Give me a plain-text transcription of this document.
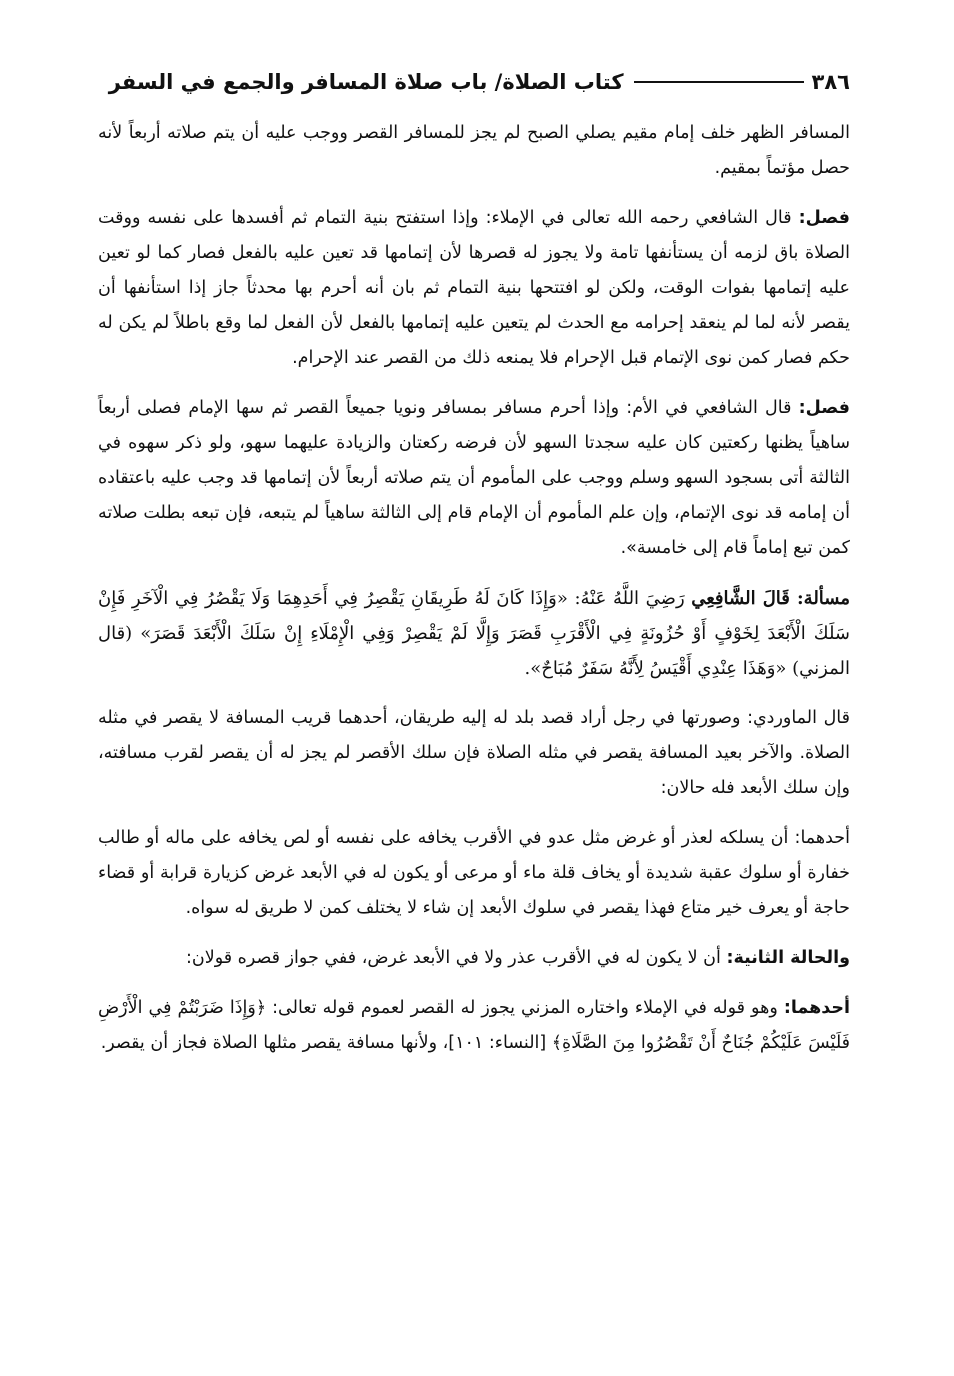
٣٨٦
كتاب الصلاة/ باب صلاة المسافر والجمع في السفر

المسافر الظهر خلف إمام مقيم يصلي الصبح لم يجز للمسافر القصر ووجب عليه أن يتم صلاته أربعاً لأنه حصل مؤتماً بمقيم.

فصل: قال الشافعي رحمه الله تعالى في الإملاء: وإذا استفتح بنية التمام ثم أفسدها على نفسه ووقت الصلاة باق لزمه أن يستأنفها تامة ولا يجوز له قصرها لأن إتمامها قد تعين عليه بالفعل فصار كما لو تعين عليه إتمامها بفوات الوقت، ولكن لو افتتحها بنية التمام ثم بان أنه أحرم بها محدثاً جاز إذا استأنفها أن يقصر لأنه لما لم ينعقد إحرامه مع الحدث لم يتعين عليه إتمامها بالفعل لأن الفعل لما وقع باطلاً لم يكن له حكم فصار كمن نوى الإتمام قبل الإحرام فلا يمنعه ذلك من القصر عند الإحرام.

فصل: قال الشافعي في الأم: وإذا أحرم مسافر بمسافر ونويا جميعاً القصر ثم سها الإمام فصلى أربعاً ساهياً يظنها ركعتين كان عليه سجدتا السهو لأن فرضه ركعتان والزيادة عليهما سهو، ولو ذكر سهوه في الثالثة أتى بسجود السهو وسلم ووجب على المأموم أن يتم صلاته أربعاً لأن إتمامها قد وجب عليه باعتقاده أن إمامه قد نوى الإتمام، وإن علم المأموم أن الإمام قام إلى الثالثة ساهياً لم يتبعه، فإن تبعه بطلت صلاته كمن تبع إماماً قام إلى خامسة».

مسألة: قَالَ الشَّافِعِي رَضِيَ اللَّهُ عَنْهُ: «وَإِذَا كَانَ لَهُ طَرِيقَانِ يَقْصِرُ فِي أَحَدِهِمَا وَلَا يَقْصُرُ فِي الْآخَرِ فَإِنْ سَلَكَ الْأَبْعَدَ لِخَوْفٍ أَوْ حُزُونَةٍ فِي الْأَقْرَبِ قَصَرَ وَإِلَّا لَمْ يَقْصِرْ وَفِي الْإِمْلَاءِ إِنْ سَلَكَ الْأَبْعَدَ قَصَرَ» (قال المزني) «وَهَذَا عِنْدِي أَقْيَسُ لِأَنَّهُ سَفَرٌ مُبَاحٌ».

قال الماوردي: وصورتها في رجل أراد قصد بلد له إليه طريقان، أحدهما قريب المسافة لا يقصر في مثله الصلاة. والآخر بعيد المسافة يقصر في مثله الصلاة فإن سلك الأقصر لم يجز له أن يقصر لقرب مسافته، وإن سلك الأبعد فله حالان:

أحدهما: أن يسلكه لعذر أو غرض مثل عدو في الأقرب يخافه على نفسه أو لص يخافه على ماله أو طالب خفارة أو سلوك عقبة شديدة أو يخاف قلة ماء أو مرعى أو يكون له في الأبعد غرض كزيارة قرابة أو قضاء حاجة أو يعرف خير متاع فهذا يقصر في سلوك الأبعد إن شاء لا يختلف كمن لا طريق له سواه.

والحالة الثانية: أن لا يكون له في الأقرب عذر ولا في الأبعد غرض، ففي جواز قصره قولان:

أحدهما: وهو قوله في الإملاء واختاره المزني يجوز له القصر لعموم قوله تعالى: ﴿وَإِذَا ضَرَبْتُمْ فِي الْأَرْضِ فَلَيْسَ عَلَيْكُمْ جُنَاحٌ أَنْ تَقْصُرُوا مِنَ الصَّلَاةِ﴾ [النساء: ١٠١]، ولأنها مسافة يقصر مثلها الصلاة فجاز أن يقصر.
